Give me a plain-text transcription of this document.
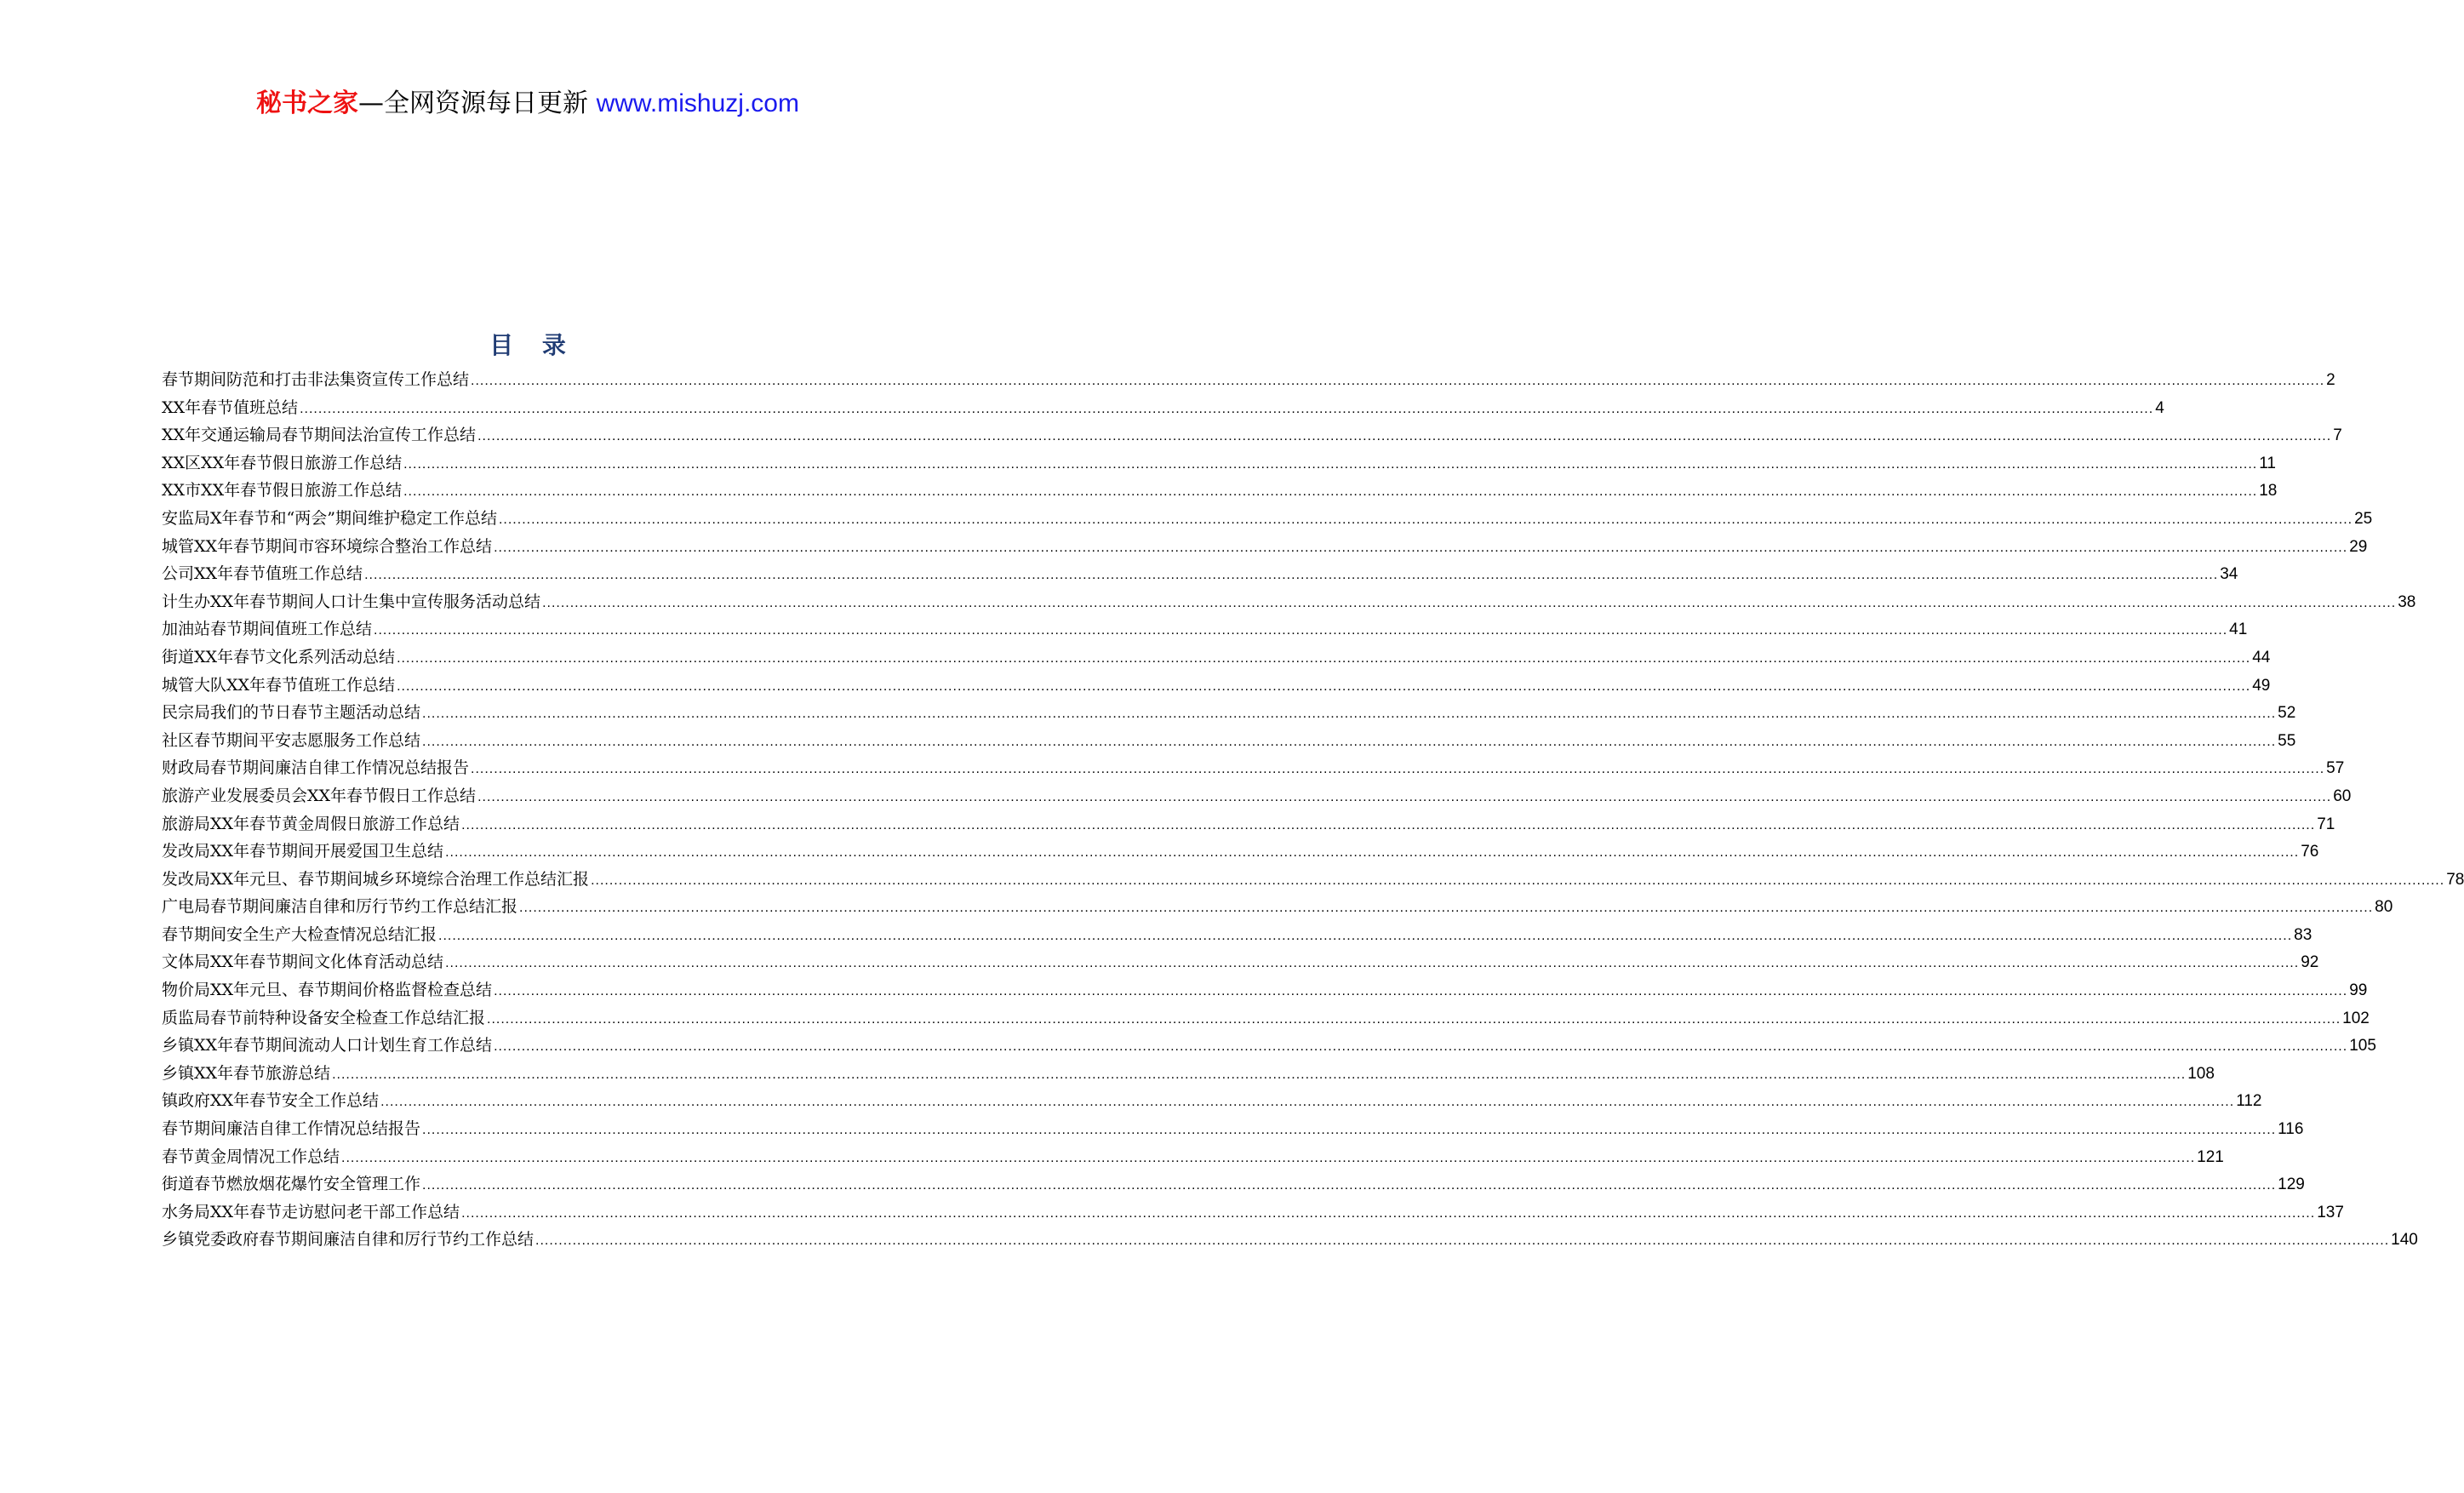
秘书之家—全网资源每日更新 www.mishuzj.com
目 录
春节期间防范和打击非法集资宣传工作总结 ................................................................................................................................................................................................................................................................................................................................................................................................................ 2
XX年春节值班总结 ................................................................................................................................................................................................................................................................................................................................................................................................................ 4
XX年交通运输局春节期间法治宣传工作总结 ................................................................................................................................................................................................................................................................................................................................................................................................................ 7
XX区XX年春节假日旅游工作总结 ................................................................................................................................................................................................................................................................................................................................................................................................................ 11
XX市XX年春节假日旅游工作总结 ................................................................................................................................................................................................................................................................................................................................................................................................................ 18
安监局X年春节和“两会”期间维护稳定工作总结 ................................................................................................................................................................................................................................................................................................................................................................................................................ 25
城管XX年春节期间市容环境综合整治工作总结 ................................................................................................................................................................................................................................................................................................................................................................................................................ 29
公司XX年春节值班工作总结 ................................................................................................................................................................................................................................................................................................................................................................................................................ 34
计生办XX年春节期间人口计生集中宣传服务活动总结 ................................................................................................................................................................................................................................................................................................................................................................................................................ 38
加油站春节期间值班工作总结 ................................................................................................................................................................................................................................................................................................................................................................................................................ 41
街道XX年春节文化系列活动总结 ................................................................................................................................................................................................................................................................................................................................................................................................................ 44
城管大队XX年春节值班工作总结 ................................................................................................................................................................................................................................................................................................................................................................................................................ 49
民宗局我们的节日春节主题活动总结 ................................................................................................................................................................................................................................................................................................................................................................................................................ 52
社区春节期间平安志愿服务工作总结 ................................................................................................................................................................................................................................................................................................................................................................................................................ 55
财政局春节期间廉洁自律工作情况总结报告 ................................................................................................................................................................................................................................................................................................................................................................................................................ 57
旅游产业发展委员会XX年春节假日工作总结 ................................................................................................................................................................................................................................................................................................................................................................................................................ 60
旅游局XX年春节黄金周假日旅游工作总结 ................................................................................................................................................................................................................................................................................................................................................................................................................ 71
发改局XX年春节期间开展爱国卫生总结 ................................................................................................................................................................................................................................................................................................................................................................................................................ 76
发改局XX年元旦、春节期间城乡环境综合治理工作总结汇报 ................................................................................................................................................................................................................................................................................................................................................................................................................ 78
广电局春节期间廉洁自律和厉行节约工作总结汇报 ................................................................................................................................................................................................................................................................................................................................................................................................................ 80
春节期间安全生产大检查情况总结汇报 ................................................................................................................................................................................................................................................................................................................................................................................................................ 83
文体局XX年春节期间文化体育活动总结 ................................................................................................................................................................................................................................................................................................................................................................................................................ 92
物价局XX年元旦、春节期间价格监督检查总结 ................................................................................................................................................................................................................................................................................................................................................................................................................ 99
质监局春节前特种设备安全检查工作总结汇报 ................................................................................................................................................................................................................................................................................................................................................................................................................ 102
乡镇XX年春节期间流动人口计划生育工作总结 ................................................................................................................................................................................................................................................................................................................................................................................................................ 105
乡镇XX年春节旅游总结 ................................................................................................................................................................................................................................................................................................................................................................................................................ 108
镇政府XX年春节安全工作总结 ................................................................................................................................................................................................................................................................................................................................................................................................................ 112
春节期间廉洁自律工作情况总结报告 ................................................................................................................................................................................................................................................................................................................................................................................................................ 116
春节黄金周情况工作总结 ................................................................................................................................................................................................................................................................................................................................................................................................................ 121
街道春节燃放烟花爆竹安全管理工作 ................................................................................................................................................................................................................................................................................................................................................................................................................ 129
水务局XX年春节走访慰问老干部工作总结 ................................................................................................................................................................................................................................................................................................................................................................................................................ 137
乡镇党委政府春节期间廉洁自律和厉行节约工作总结 ................................................................................................................................................................................................................................................................................................................................................................................................................ 140
